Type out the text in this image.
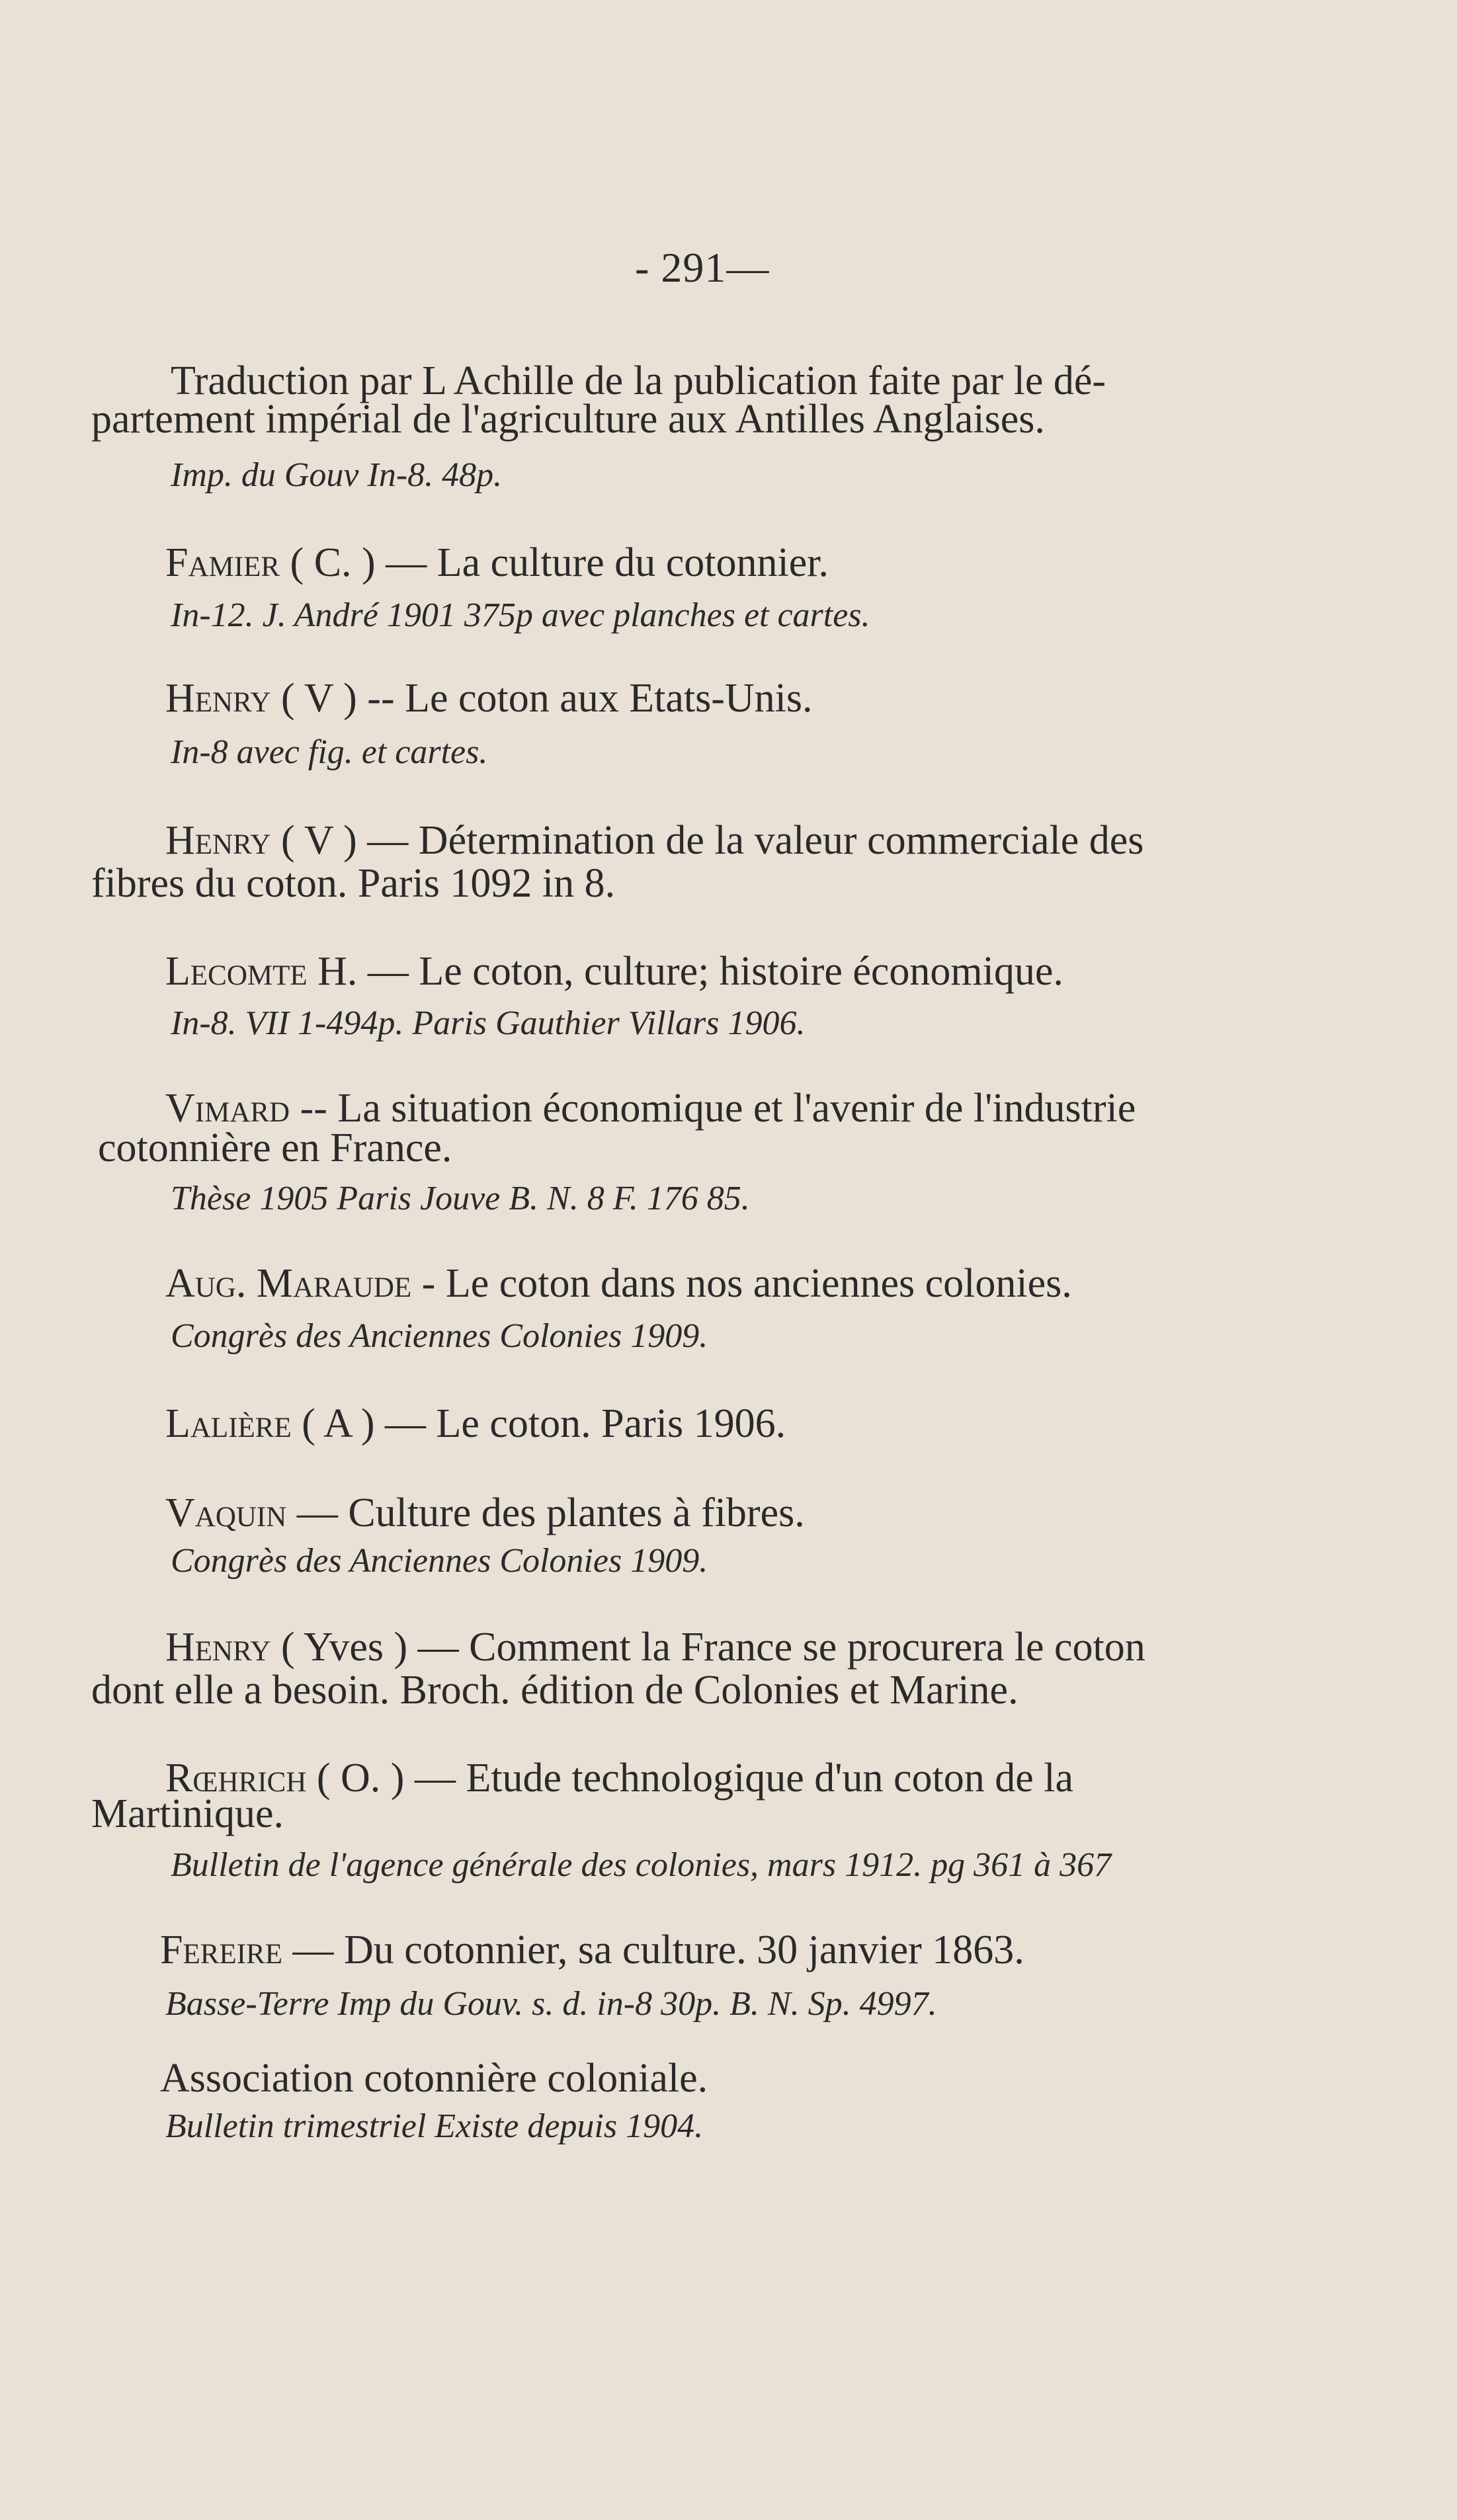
- 291—
Traduction par L Achille de la publication faite par le dé-
partement impérial de l'agriculture aux Antilles Anglaises.
Imp. du Gouv In-8. 48p.
Famier ( C. ) — La culture du cotonnier.
In-12. J. André 1901 375p avec planches et cartes.
Henry ( V ) -- Le coton aux Etats-Unis.
In-8 avec fig. et cartes.
Henry ( V ) — Détermination de la valeur commerciale des
fibres du coton. Paris 1092 in 8.
Lecomte H. — Le coton, culture; histoire économique.
In-8. VII 1-494p. Paris Gauthier Villars 1906.
Vimard -- La situation économique et l'avenir de l'industrie
cotonnière en France.
Thèse 1905 Paris Jouve B. N. 8 F. 176 85.
Aug. Maraude - Le coton dans nos anciennes colonies.
Congrès des Anciennes Colonies 1909.
Lalière ( A ) — Le coton. Paris 1906.
Vaquin — Culture des plantes à fibres.
Congrès des Anciennes Colonies 1909.
Henry ( Yves ) — Comment la France se procurera le coton
dont elle a besoin. Broch. édition de Colonies et Marine.
Rœhrich ( O. ) — Etude technologique d'un coton de la
Martinique.
Bulletin de l'agence générale des colonies, mars 1912. pg 361 à 367
Fereire — Du cotonnier, sa culture. 30 janvier 1863.
Basse-Terre Imp du Gouv. s. d. in-8 30p. B. N. Sp. 4997.
Association cotonnière coloniale.
Bulletin trimestriel Existe depuis 1904.
